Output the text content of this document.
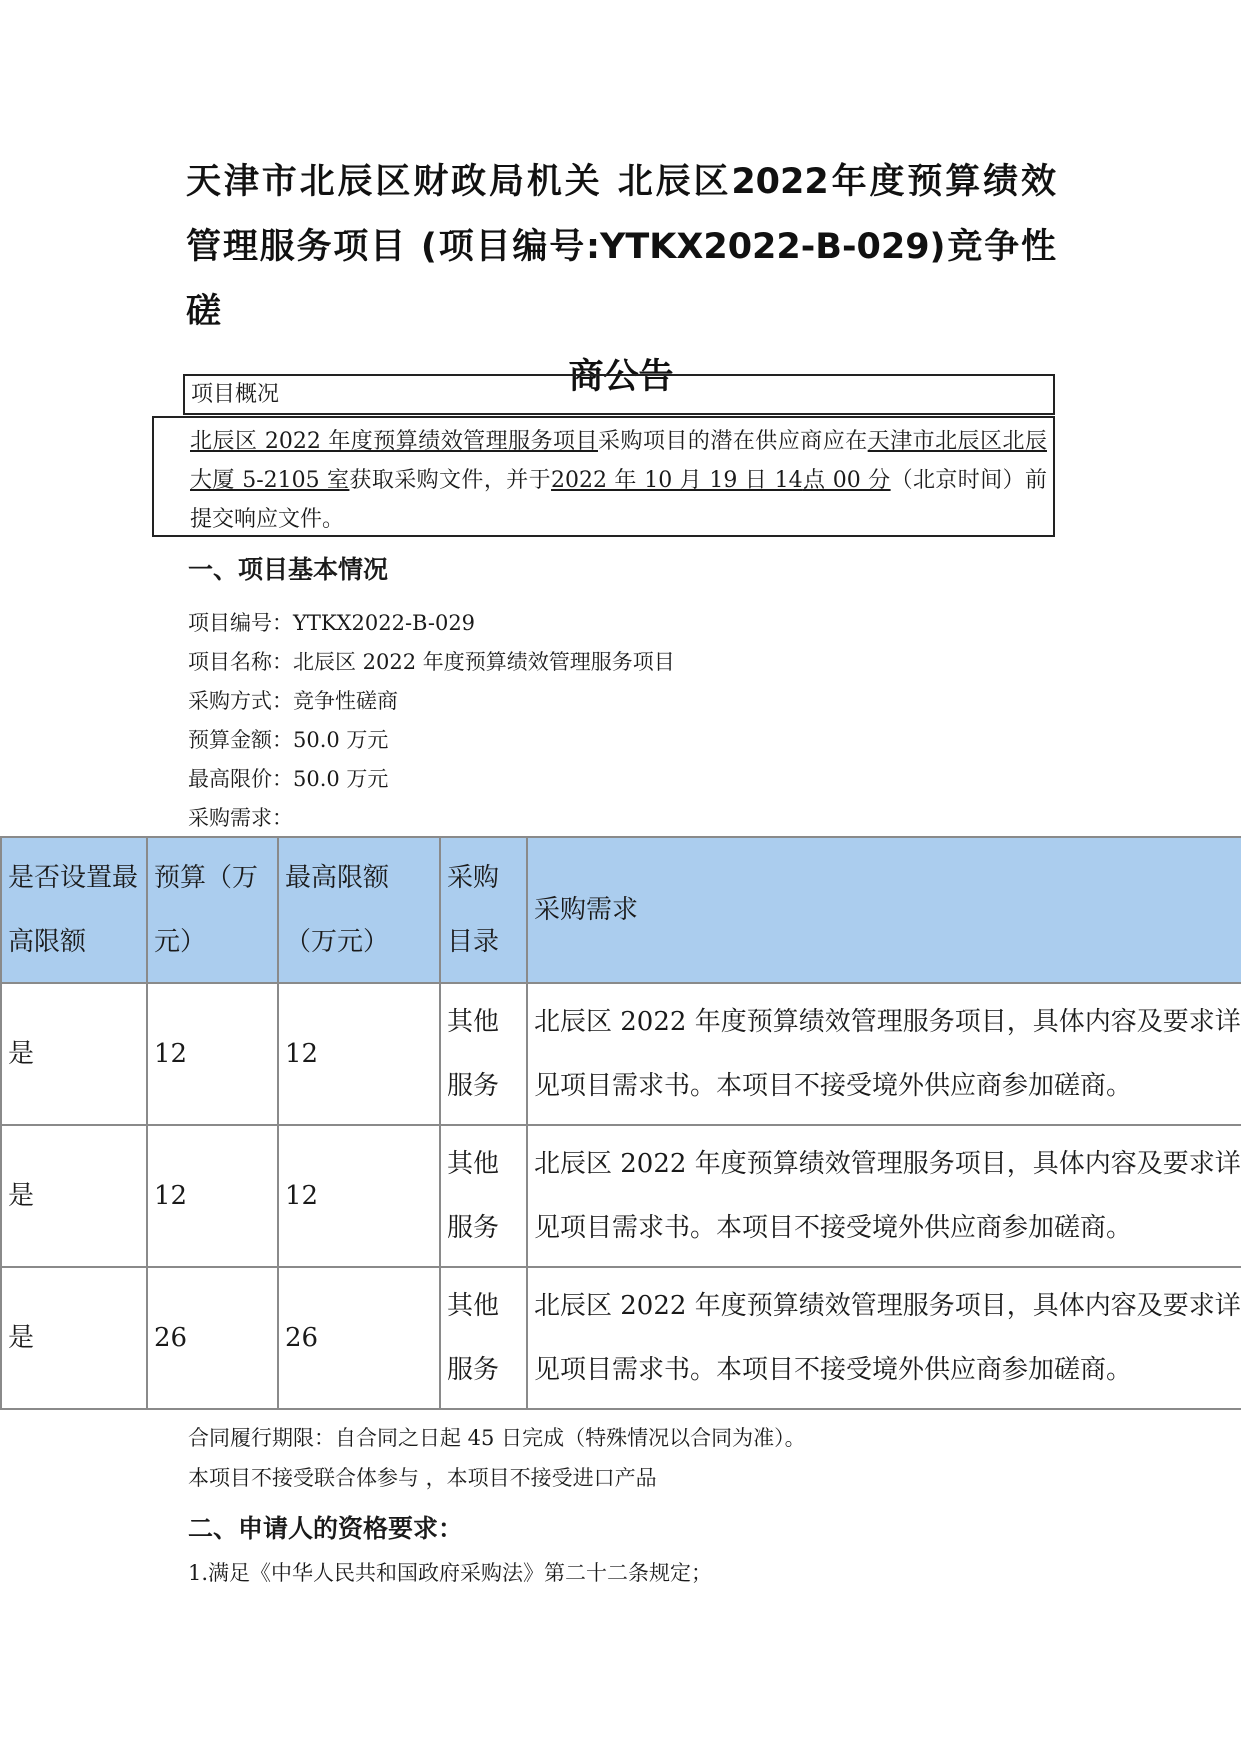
天津市北辰区财政局机关 北辰区2022年度预算绩效
管理服务项目 (项目编号:YTKX2022-B-029)竞争性磋
商公告
项目概况
北辰区 2022 年度预算绩效管理服务项目采购项目的潜在供应商应在天津市北辰区北辰大厦 5-2105 室获取采购文件，并于2022 年 10 月 19 日 14点 00 分（北京时间）前提交响应文件。
一、项目基本情况
项目编号：YTKX2022-B-029
项目名称：北辰区 2022 年度预算绩效管理服务项目
采购方式：竞争性磋商
预算金额：50.0 万元
最高限价：50.0 万元
采购需求：
是否设置最高限额	预算（万元）	最高限额（万元）	采购目录	采购需求
是	12	12	其他服务	北辰区 2022 年度预算绩效管理服务项目，具体内容及要求详见项目需求书。本项目不接受境外供应商参加磋商。
是	12	12	其他服务	北辰区 2022 年度预算绩效管理服务项目，具体内容及要求详见项目需求书。本项目不接受境外供应商参加磋商。
是	26	26	其他服务	北辰区 2022 年度预算绩效管理服务项目，具体内容及要求详见项目需求书。本项目不接受境外供应商参加磋商。
合同履行期限：自合同之日起 45 日完成（特殊情况以合同为准）。
本项目不接受联合体参与 ，本项目不接受进口产品
二、申请人的资格要求：
1.满足《中华人民共和国政府采购法》第二十二条规定；
